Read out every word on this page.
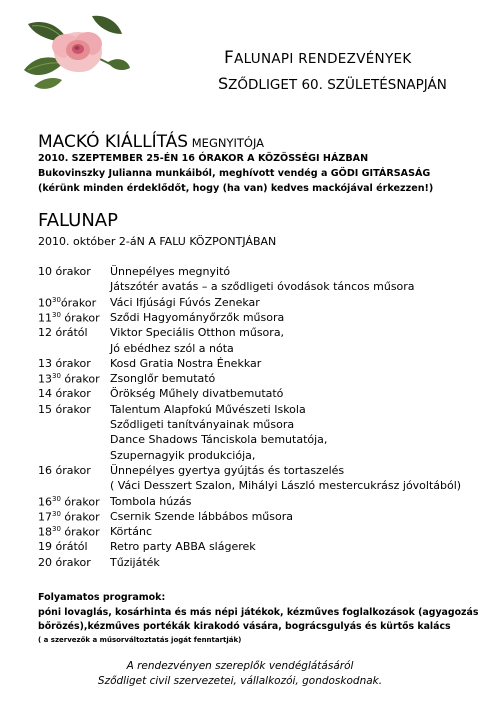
FALUNAPI RENDEZVÉNYEK
SZŐDLIGET 60. SZÜLETÉSNAPJÁN
MACKÓ KIÁLLÍTÁS MEGNYITÓJA
2010. SZEPTEMBER 25-ÉN 16 ÓRAKOR A KÖZÖSSÉGI HÁZBAN
Bukovinszky Julianna munkáiból, meghívott vendég a GÖDI GITÁRSASÁG
(kérünk minden érdeklődőt, hogy (ha van) kedves mackójával érkezzen!)
FALUNAP
2010. október 2-áN A FALU KÖZPONTJÁBAN
10 órakor Ünnepélyes megnyitó
Játszótér avatás – a sződligeti óvodások táncos műsora
$10^{30}órakor$ Váci Ifjúsági Fúvós Zenekar
$11^{30}$ órakor Sződi Hagyományőrzők műsora
12 órától Viktor Speciális Otthon műsora,
Jó ebédhez szól a nóta
13 órakor Kosd Gratia Nostra Énekkar
$13^{30}$ órakor Zsonglőr bemutató
14 órakor Örökség Műhely divatbemutató
15 órakor Talentum Alapfokú Művészeti Iskola
Sződligeti tanítványainak műsora
Dance Shadows Tánciskola bemutatója,
Szupernagyik produkciója,
16 órakor Ünnepélyes gyertya gyújtás és tortaszelés
( Váci Desszert Szalon, Mihályi László mestercukrász jóvoltából)
$16^{30}$ órakor Tombola húzás
$17^{30}$ órakor Csernik Szende lábbábos műsora
$18^{30}$ órakor Körtánc
19 órától Retro party ABBA slágerek
20 órakor Tűzijáték
Folyamatos programok:
póni lovaglás, kosárhinta és más népi játékok, kézműves foglalkozások (agyagozás
bőrözés),kézműves portékák kirakodó vására, bográcsgulyás és kürtős kalács
( a szervezők a műsorváltoztatás jogát fenntartják)
A rendezvényen szereplők vendéglátásáról
Sződliget civil szervezetei, vállalkozói, gondoskodnak.
